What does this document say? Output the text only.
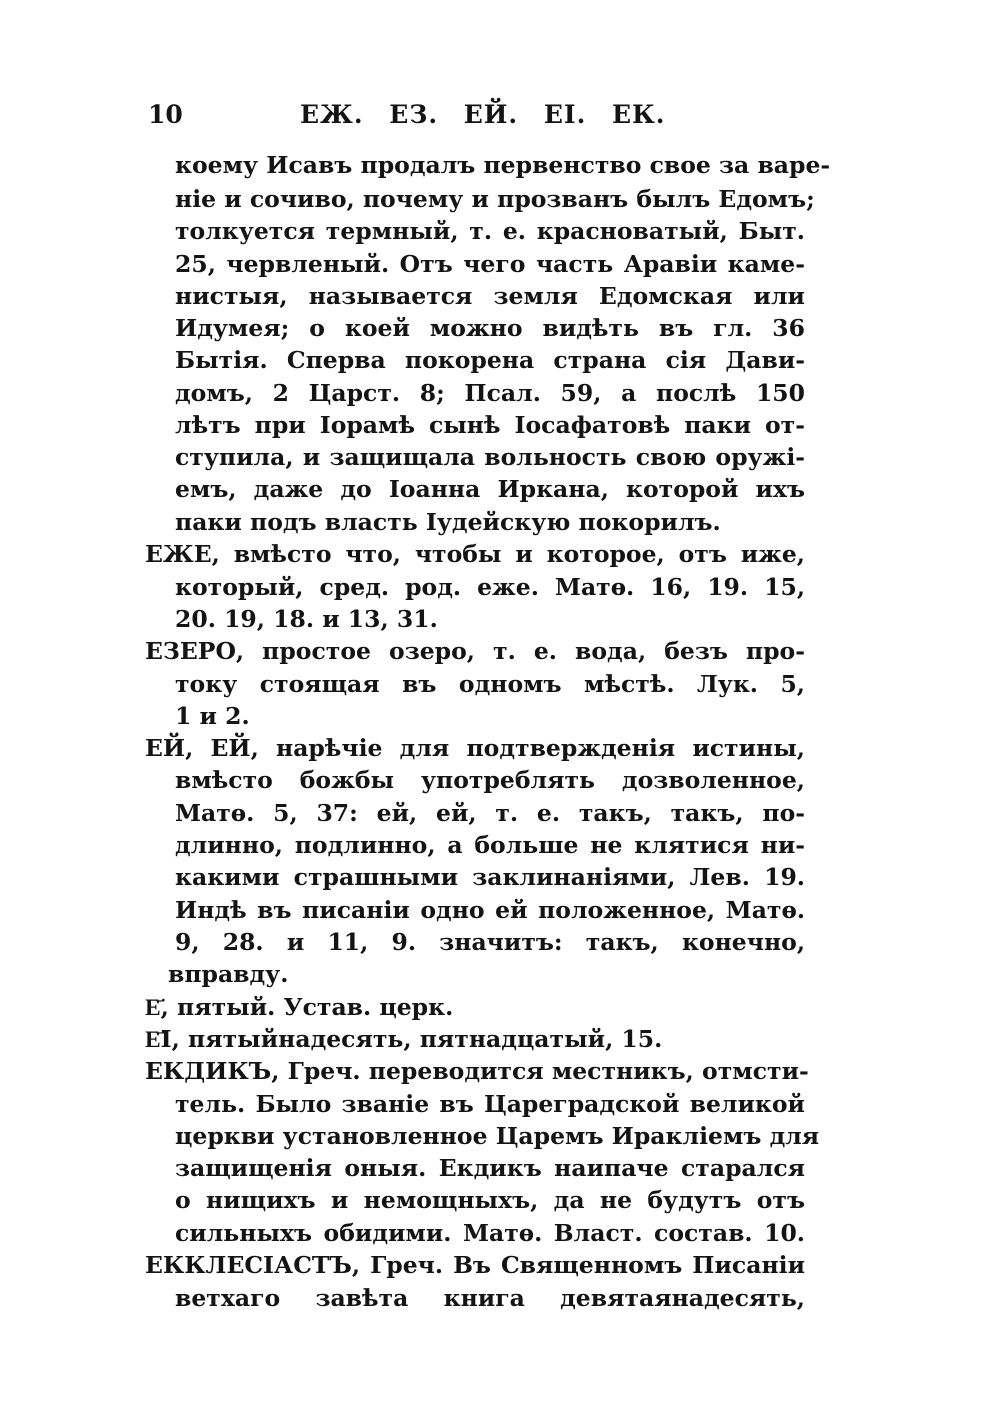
10	ЕЖ. ЕЗ. ЕЙ. ЕІ. ЕК.
коему Исавъ продалъ первенство свое за варе-
ніе и сочиво, почему и прозванъ былъ Едомъ;
толкуется термный, т. е. красноватый, Быт.
25, червленый. Отъ чего часть Аравіи каме-
нистыя, называется земля Едомская или
Идумея; о коей можно видѣть въ гл. 36
Бытія. Сперва покорена страна сія Дави-
домъ, 2 Царст. 8; Псал. 59, а послѣ 150
лѣтъ при Іорамѣ сынѣ Іосафатовѣ паки от-
ступила, и защищала вольность свою оружі-
емъ, даже до Іоанна Иркана, которой ихъ
паки подъ власть Іудейскую покорилъ.
ЕЖЕ, вмѣсто что, чтобы и которое, отъ иже,
который, сред. род. еже. Матѳ. 16, 19. 15,
20. 19, 18. и 13, 31.
ЕЗЕРО, простое озеро, т. е. вода, безъ про-
току стоящая въ одномъ мѣстѣ. Лук. 5,
1 и 2.
ЕЙ, ЕЙ, нарѣчіе для подтвержденія истины,
вмѣсто божбы употреблять дозволенное,
Матѳ. 5, 37: ей, ей, т. е. такъ, такъ, по-
длинно, подлинно, а больше не клятися ни-
какими страшными заклинаніями, Лев. 19.
Индѣ въ писаніи одно ей положенное, Матѳ.
9, 28. и 11, 9. значитъ: такъ, конечно,
вправду.
Е҃, пятый. Устав. церк.
Е҃І, пятыйнадесять, пятнадцатый, 15.
ЕКДИКЪ, Греч. переводится местникъ, отмсти-
тель. Было званіе въ Цареградской великой
церкви установленное Царемъ Иракліемъ для
защищенія оныя. Екдикъ наипаче старался
о нищихъ и немощныхъ, да не будутъ отъ
сильныхъ обидими. Матѳ. Власт. состав. 10.
ЕККЛЕСІАСТЪ, Греч. Въ Священномъ Писаніи
ветхаго завѣта книга девятаянадесять,
